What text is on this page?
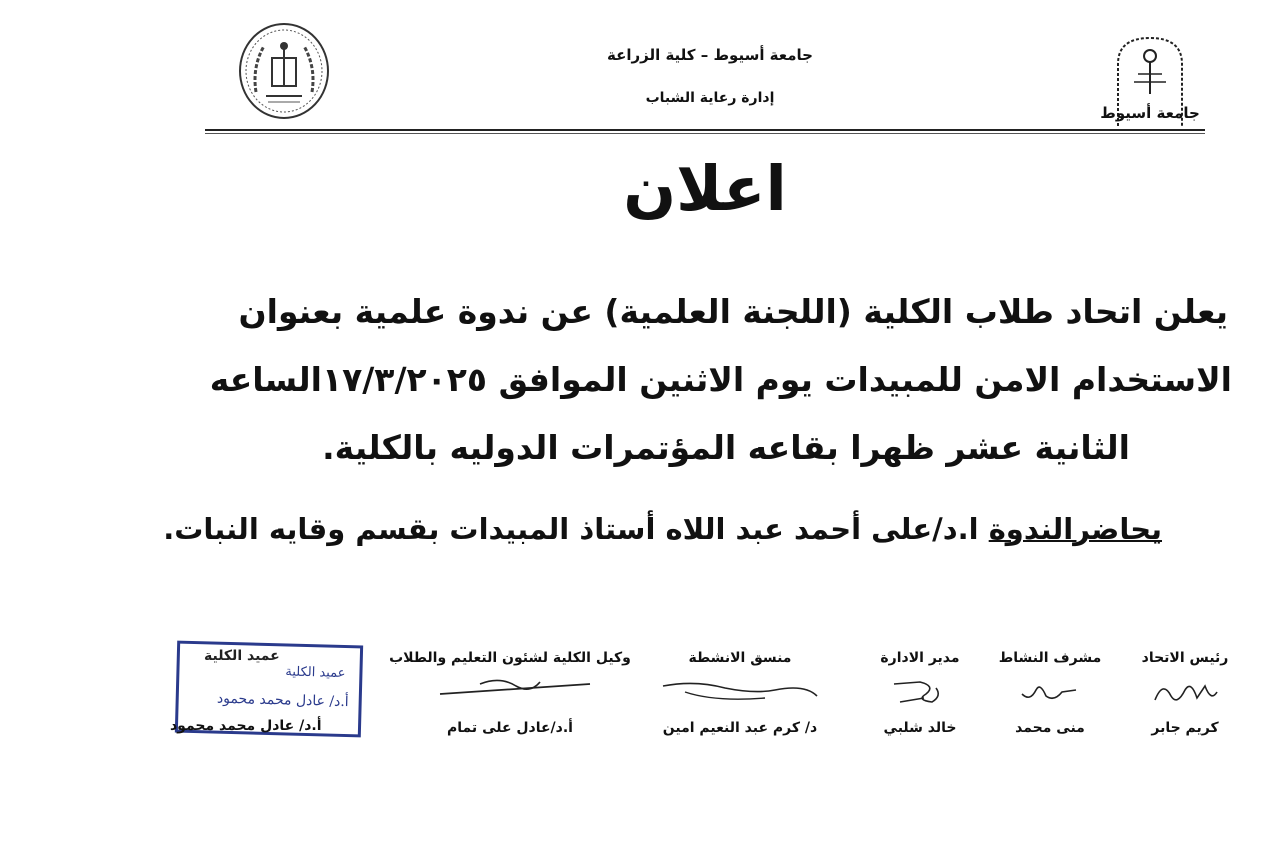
جامعة أسيوط
جامعة أسيوط – كلية الزراعة
إدارة رعاية الشباب
اعلان
يعلن اتحاد طلاب الكلية (اللجنة العلمية) عن ندوة علمية بعنوان
الاستخدام الامن للمبيدات يوم الاثنين الموافق ١٧/٣/٢٠٢٥الساعه
الثانية عشر ظهرا بقاعه المؤتمرات الدوليه بالكلية.
يحاضرالندوة ا.د/على أحمد عبد اللاه أستاذ المبيدات بقسم وقايه النبات.
رئيس الاتحاد
كريم جابر
مشرف النشاط
منى محمد
مدير الادارة
خالد شلبي
منسق الانشطة
د/ كرم عبد النعيم امين
وكيل الكلية لشئون التعليم والطلاب
أ.د/عادل على تمام
عميد الكلية
أ.د/ عادل محمد محمود
عميد الكلية
أ.د/ عادل محمد محمود
